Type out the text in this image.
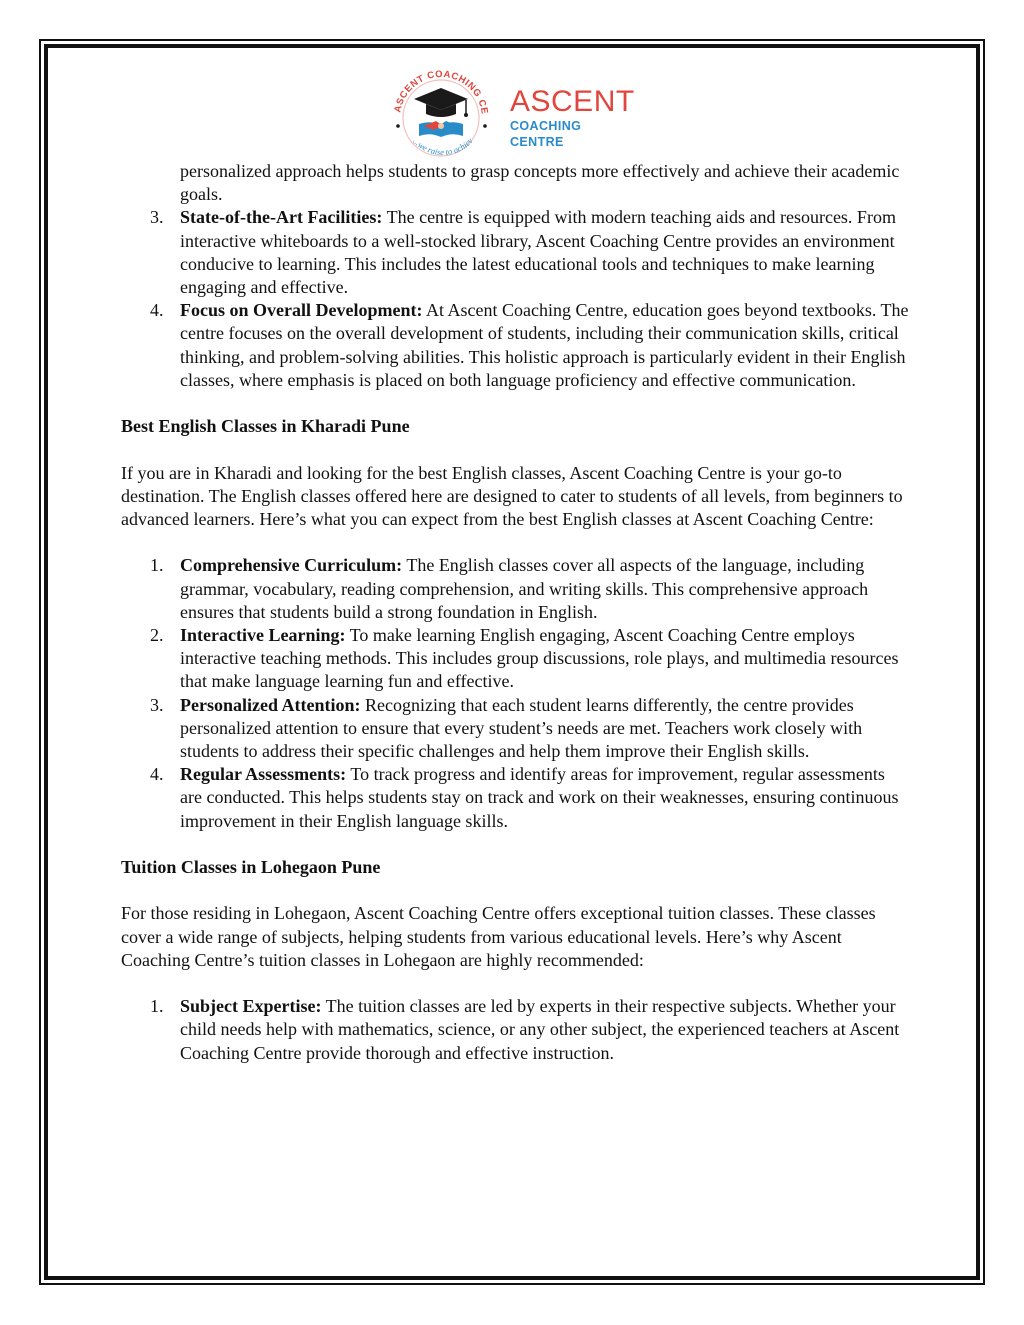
ASCENT COACHING CE
...we raise to achiev
ASCENT
COACHING CENTRE

personalized approach helps students to grasp concepts more effectively and achieve their academic goals.

3. State-of-the-Art Facilities: The centre is equipped with modern teaching aids and resources. From interactive whiteboards to a well-stocked library, Ascent Coaching Centre provides an environment conducive to learning. This includes the latest educational tools and techniques to make learning engaging and effective.

4. Focus on Overall Development: At Ascent Coaching Centre, education goes beyond textbooks. The centre focuses on the overall development of students, including their communication skills, critical thinking, and problem-solving abilities. This holistic approach is particularly evident in their English classes, where emphasis is placed on both language proficiency and effective communication.

Best English Classes in Kharadi Pune

If you are in Kharadi and looking for the best English classes, Ascent Coaching Centre is your go-to destination. The English classes offered here are designed to cater to students of all levels, from beginners to advanced learners. Here’s what you can expect from the best English classes at Ascent Coaching Centre:

1. Comprehensive Curriculum: The English classes cover all aspects of the language, including grammar, vocabulary, reading comprehension, and writing skills. This comprehensive approach ensures that students build a strong foundation in English.

2. Interactive Learning: To make learning English engaging, Ascent Coaching Centre employs interactive teaching methods. This includes group discussions, role plays, and multimedia resources that make language learning fun and effective.

3. Personalized Attention: Recognizing that each student learns differently, the centre provides personalized attention to ensure that every student’s needs are met. Teachers work closely with students to address their specific challenges and help them improve their English skills.

4. Regular Assessments: To track progress and identify areas for improvement, regular assessments are conducted. This helps students stay on track and work on their weaknesses, ensuring continuous improvement in their English language skills.

Tuition Classes in Lohegaon Pune

For those residing in Lohegaon, Ascent Coaching Centre offers exceptional tuition classes. These classes cover a wide range of subjects, helping students from various educational levels. Here’s why Ascent Coaching Centre’s tuition classes in Lohegaon are highly recommended:

1. Subject Expertise: The tuition classes are led by experts in their respective subjects. Whether your child needs help with mathematics, science, or any other subject, the experienced teachers at Ascent Coaching Centre provide thorough and effective instruction.
